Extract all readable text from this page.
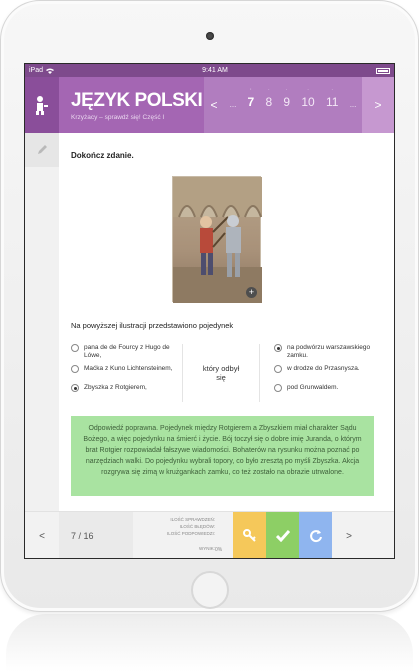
iPad	9:41 AM
JĘZYK POLSKI
Krzyżacy – sprawdź się! Część I
<	...
·
7
·
8
·
9
·
10
·
11 ...	>
Dokończ zdanie.
+
Na powyższej ilustracji przedstawiono pojedynek
pana de de Fourcy z Hugo de Lówe,
Maćka z Kuno Lichtensteinem,
Zbyszka z Rotgierem,
który odbył się
na podwórzu warszawskiego zamku.
w drodze do Przasnysza.
pod Grunwaldem.
Odpowiedź poprawna. Pojedynek między Rotgierem a Zbyszkiem miał charakter Sądu Bożego, a więc pojedynku na śmierć i życie. Bój toczył się o dobre imię Juranda, o którym brat Rotgier rozpowiadał fałszywe wiadomości. Bohaterów na rysunku można poznać po narzędziach walki. Do pojedynku wybrali topory, co było zresztą po myśli Zbyszka. Akcja rozgrywa się zimą w krużgankach zamku, co też zostało na obrazie utrwalone.
<	7 / 16
ILOŚĆ SPRAWDZEŃ:
ILOŚĆ BŁĘDÓW:
ILOŚĆ PODPOWIEDZI:
WYNIK: 0%
>
